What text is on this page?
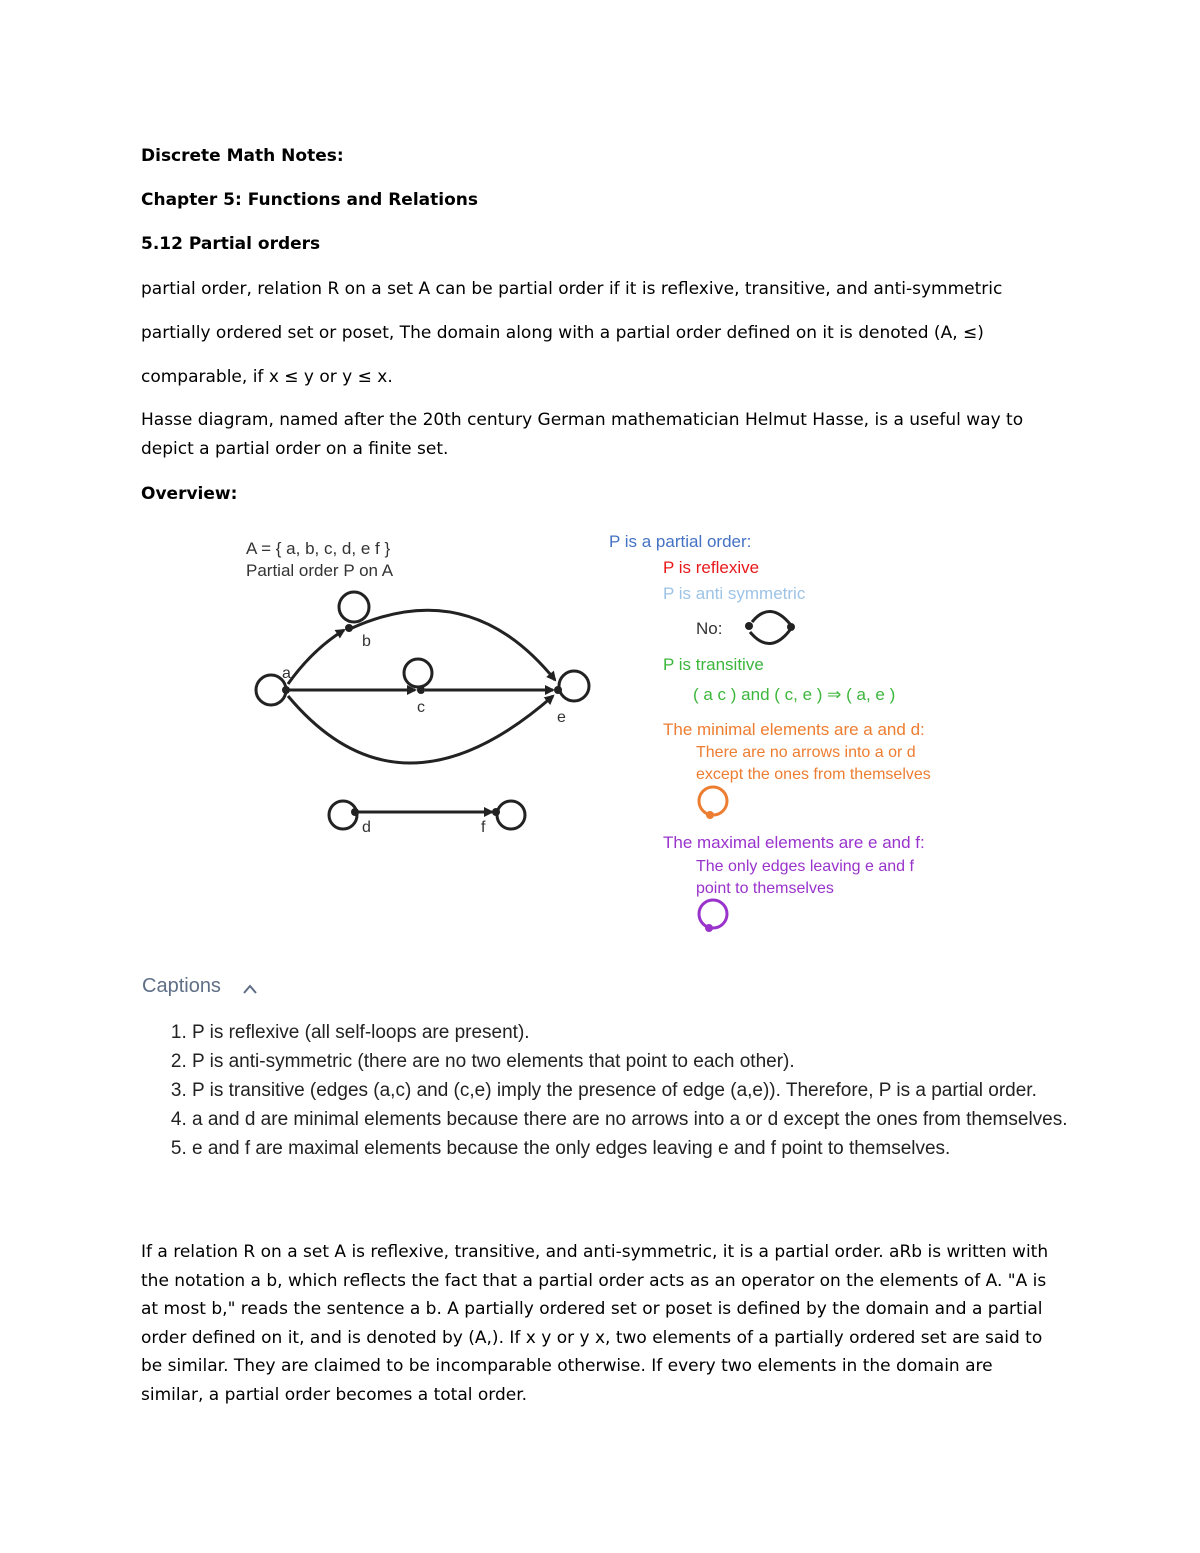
Discrete Math Notes:
Chapter 5: Functions and Relations
5.12 Partial orders
partial order, relation R on a set A can be partial order if it is reflexive, transitive, and anti-symmetric
partially ordered set or poset, The domain along with a partial order defined on it is denoted (A, ≤)
comparable, if x ≤ y or y ≤ x.
Hasse diagram, named after the 20th century German mathematician Helmut Hasse, is a useful way to depict a partial order on a finite set.
Overview:
A = { a, b, c, d, e f }
Partial order P on A
a
b
c
e
d	f
P is a partial order:
P is reflexive
P is anti symmetric
No:
P is transitive
( a c ) and ( c, e ) ⇒ ( a, e )
The minimal elements are a and d:
There are no arrows into a or d
except the ones from themselves
The maximal elements are e and f:
The only edges leaving e and f
point to themselves
Captions
1. P is reflexive (all self-loops are present).
2. P is anti-symmetric (there are no two elements that point to each other).
3. P is transitive (edges (a,c) and (c,e) imply the presence of edge (a,e)). Therefore, P is a partial order.
4. a and d are minimal elements because there are no arrows into a or d except the ones from themselves.
5. e and f are maximal elements because the only edges leaving e and f point to themselves.
If a relation R on a set A is reflexive, transitive, and anti-symmetric, it is a partial order. aRb is written with the notation a b, which reflects the fact that a partial order acts as an operator on the elements of A. "A is at most b," reads the sentence a b. A partially ordered set or poset is defined by the domain and a partial order defined on it, and is denoted by (A,). If x y or y x, two elements of a partially ordered set are said to be similar. They are claimed to be incomparable otherwise. If every two elements in the domain are similar, a partial order becomes a total order.
